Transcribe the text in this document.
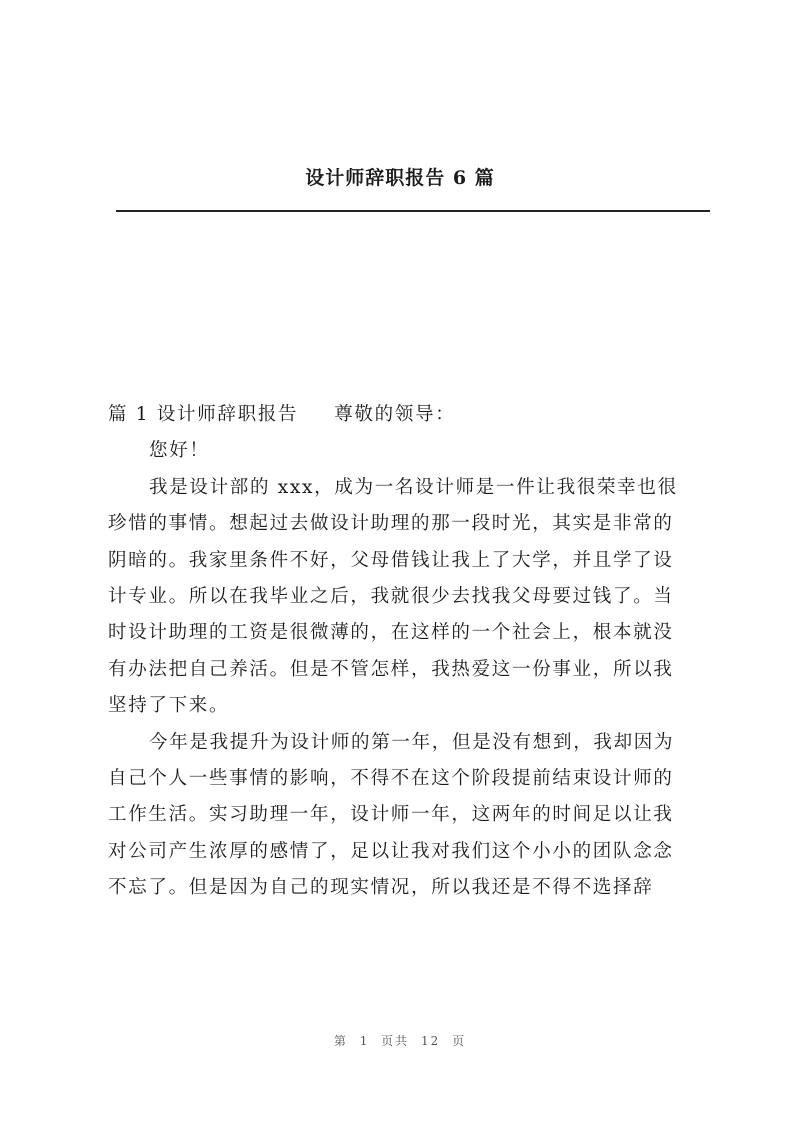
设计师辞职报告 6 篇
篇 1 设计师辞职报告 尊敬的领导：
您好！
我是设计部的 xxx，成为一名设计师是一件让我很荣幸也很
珍惜的事情。想起过去做设计助理的那一段时光，其实是非常的
阴暗的。我家里条件不好，父母借钱让我上了大学，并且学了设
计专业。所以在我毕业之后，我就很少去找我父母要过钱了。当
时设计助理的工资是很微薄的，在这样的一个社会上，根本就没
有办法把自己养活。但是不管怎样，我热爱这一份事业，所以我
坚持了下来。
今年是我提升为设计师的第一年，但是没有想到，我却因为
自己个人一些事情的影响，不得不在这个阶段提前结束设计师的
工作生活。实习助理一年，设计师一年，这两年的时间足以让我
对公司产生浓厚的感情了，足以让我对我们这个小小的团队念念
不忘了。但是因为自己的现实情况，所以我还是不得不选择辞
第 1 页共 12 页
